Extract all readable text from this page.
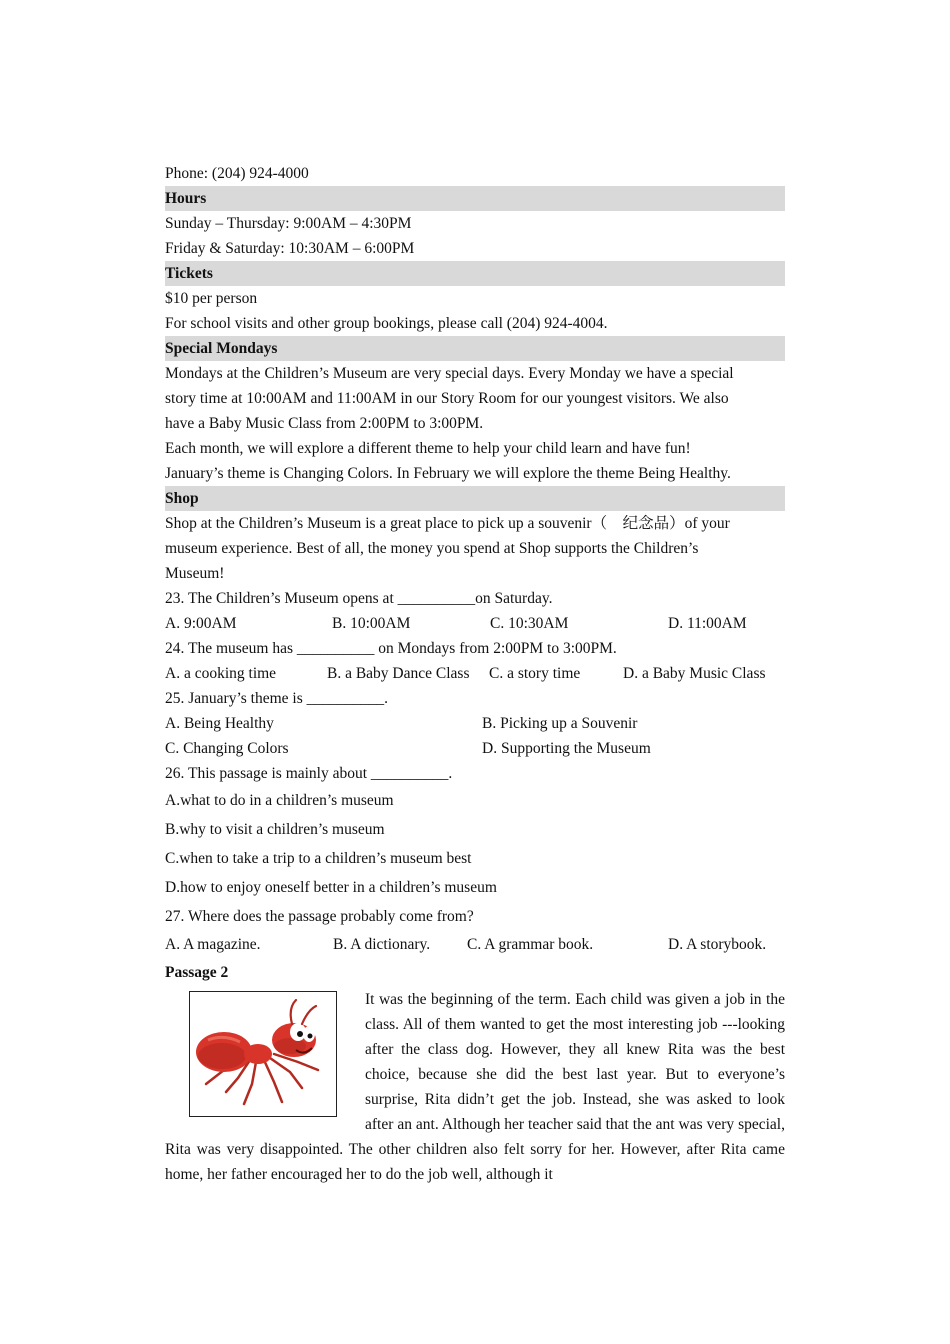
Phone: (204) 924-4000
Hours
Sunday – Thursday: 9:00AM – 4:30PM
Friday & Saturday: 10:30AM – 6:00PM
Tickets
$10 per person
For school visits and other group bookings, please call (204) 924-4004.
Special Mondays
Mondays at the Children’s Museum are very special days. Every Monday we have a special
story time at 10:00AM and 11:00AM in our Story Room for our youngest visitors. We also
have a Baby Music Class from 2:00PM to 3:00PM.
Each month, we will explore a different theme to help your child learn and have fun!
January’s theme is Changing Colors. In February we will explore the theme Being Healthy.
Shop
Shop at the Children’s Museum is a great place to pick up a souvenir（　纪念品）of your
museum experience. Best of all, the money you spend at Shop supports the Children’s
Museum!
23. The Children’s Museum opens at __________on Saturday.
A. 9:00AM	B. 10:00AM	C. 10:30AM	D. 11:00AM
24. The museum has __________ on Mondays from 2:00PM to 3:00PM.
A. a cooking time	B. a Baby Dance Class	C. a story time	D. a Baby Music Class
25. January’s theme is __________.
A. Being Healthy	B. Picking up a Souvenir
C. Changing Colors	D. Supporting the Museum
26. This passage is mainly about __________.
A.what to do in a children’s museum
B.why to visit a children’s museum
C.when to take a trip to a children’s museum best
D.how to enjoy oneself better in a children’s museum
27. Where does the passage probably come from?
A. A magazine.	B. A dictionary.	C. A grammar book.	D. A storybook.
Passage 2
It was the beginning of the term. Each child was given a job in the class. All of them wanted to get the most interesting job ---looking after the class dog. However, they all knew Rita was the best choice, because she did the best last year. But to everyone’s surprise, Rita didn’t get the job. Instead, she was asked to look after an ant. Although her teacher said that the ant was very special, Rita was very disappointed. The other children also felt sorry for her. However, after Rita came home, her father encouraged her to do the job well, although it
